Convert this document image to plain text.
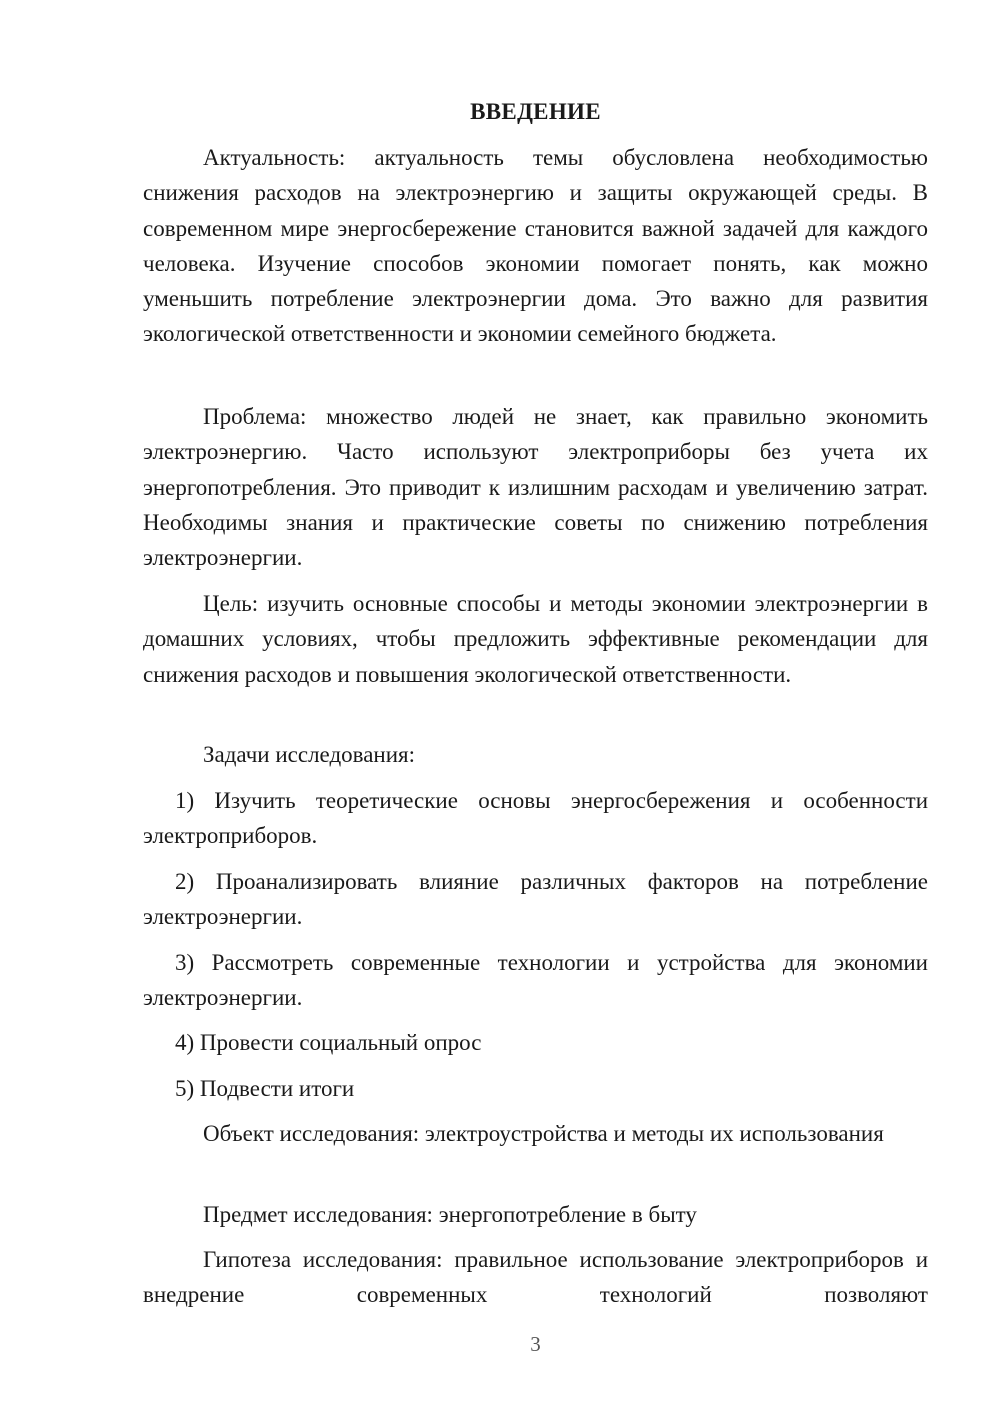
ВВЕДЕНИЕ

Актуальность: актуальность темы обусловлена необходимостью снижения расходов на электроэнергию и защиты окружающей среды. В современном мире энергосбережение становится важной задачей для каждого человека. Изучение способов экономии помогает понять, как можно уменьшить потребление электроэнергии дома. Это важно для развития экологической ответственности и экономии семейного бюджета.

Проблема: множество людей не знает, как правильно экономить электроэнергию. Часто используют электроприборы без учета их энергопотребления. Это приводит к излишним расходам и увеличению затрат. Необходимы знания и практические советы по снижению потребления электроэнергии.

Цель: изучить основные способы и методы экономии электроэнергии в домашних условиях, чтобы предложить эффективные рекомендации для снижения расходов и повышения экологической ответственности.

Задачи исследования:

1) Изучить теоретические основы энергосбережения и особенности электроприборов.

2) Проанализировать влияние различных факторов на потребление электроэнергии.

3) Рассмотреть современные технологии и устройства для экономии электроэнергии.

4) Провести социальный опрос

5) Подвести итоги

Объект исследования: электроустройства и методы их использования

Предмет исследования: энергопотребление в быту

Гипотеза исследования: правильное использование электроприборов и внедрение современных технологий позволяют

3
